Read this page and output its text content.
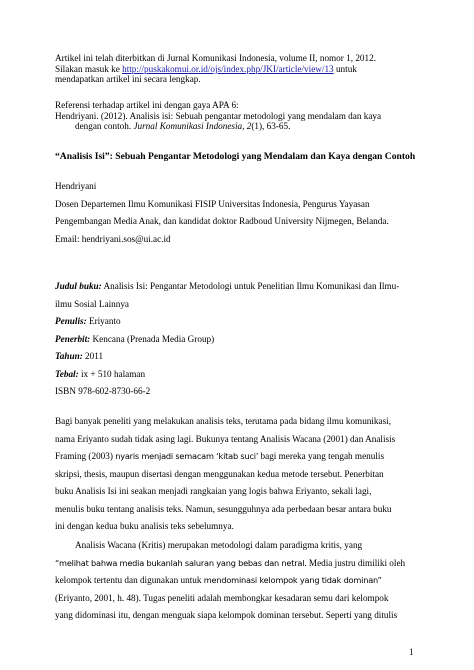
Artikel ini telah diterbitkan di Jurnal Komunikasi Indonesia, volume II, nomor 1, 2012.

Silakan masuk ke http://puskakomui.or.id/ojs/index.php/JKI/article/view/13 untuk

mendapatkan artikel ini secara lengkap.

Referensi terhadap artikel ini dengan gaya APA 6:

Hendriyani. (2012). Analisis isi: Sebuah pengantar metodologi yang mendalam dan kaya

dengan contoh. Jurnal Komunikasi Indonesia, 2(1), 63-65.

“Analisis Isi”: Sebuah Pengantar Metodologi yang Mendalam dan Kaya dengan Contoh

Hendriyani

Dosen Departemen Ilmu Komunikasi FISIP Universitas Indonesia, Pengurus Yayasan

Pengembangan Media Anak, dan kandidat doktor Radboud University Nijmegen, Belanda.

Email: hendriyani.sos@ui.ac.id

Judul buku: Analisis Isi: Pengantar Metodologi untuk Penelitian Ilmu Komunikasi dan Ilmu-

ilmu Sosial Lainnya

Penulis: Eriyanto

Penerbit: Kencana (Prenada Media Group)

Tahun: 2011

Tebal: ix + 510 halaman

ISBN 978-602-8730-66-2

Bagi banyak peneliti yang melakukan analisis teks, terutama pada bidang ilmu komunikasi,

nama Eriyanto sudah tidak asing lagi. Bukunya tentang Analisis Wacana (2001) dan Analisis

Framing (2003) nyaris menjadi semacam ‘kitab suci’ bagi mereka yang tengah menulis

skripsi, thesis, maupun disertasi dengan menggunakan kedua metode tersebut. Penerbitan

buku Analisis Isi ini seakan menjadi rangkaian yang logis bahwa Eriyanto, sekali lagi,

menulis buku tentang analisis teks. Namun, sesungguhnya ada perbedaan besar antara buku

ini dengan kedua buku analisis teks sebelumnya.

Analisis Wacana (Kritis) merupakan metodologi dalam paradigma kritis, yang

“melihat bahwa media bukanlah saluran yang bebas dan netral. Media justru dimiliki oleh

kelompok tertentu dan digunakan untuk mendominasi kelompok yang tidak dominan”

(Eriyanto, 2001, h. 48). Tugas peneliti adalah membongkar kesadaran semu dari kelompok

yang didominasi itu, dengan menguak siapa kelompok dominan tersebut. Seperti yang ditulis

1
